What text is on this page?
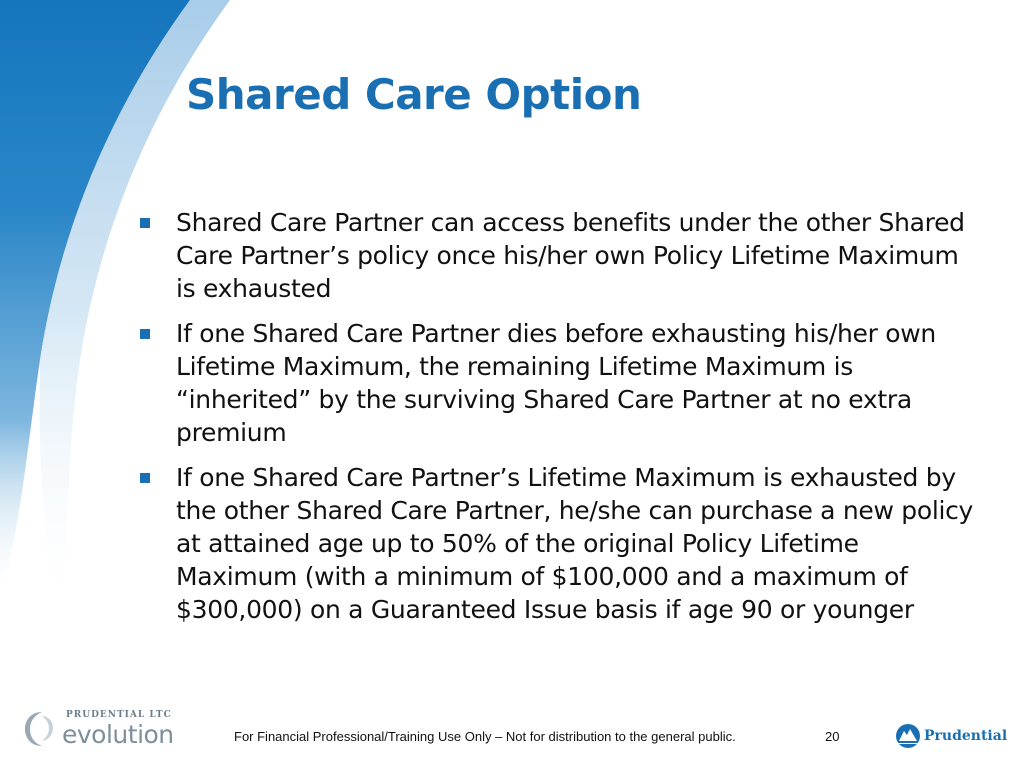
Shared Care Option
Shared Care Partner can access benefits under the other Shared Care Partner’s policy once his/her own Policy Lifetime Maximum is exhausted
If one Shared Care Partner dies before exhausting his/her own Lifetime Maximum, the remaining Lifetime Maximum is “inherited” by the surviving Shared Care Partner at no extra premium
If one Shared Care Partner’s Lifetime Maximum is exhausted by the other Shared Care Partner, he/she can purchase a new policy at attained age up to 50% of the original Policy Lifetime Maximum (with a minimum of $100,000 and a maximum of $300,000) on a Guaranteed Issue basis if age 90 or younger
PRUDENTIAL LTC
evolution	For Financial Professional/Training Use Only – Not for distribution to the general public.	20	Prudential
